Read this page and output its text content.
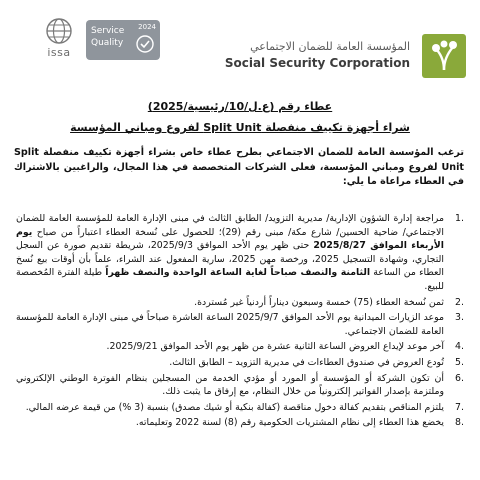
issa
Service
Quality
2024
المؤسسة العامة للضمان الاجتماعي
Social Security Corporation
عطاء رقم (ع.ل/10/رئيسية/2025)
شراء أجهزة تكييف منفصلة Split Unit لفروع ومباني المؤسسة
ترغب المؤسسة العامة للضمان الاجتماعي بطرح عطاء خاص بشراء أجهزة تكييف منفصلة Split Unit لفروع ومباني المؤسسة، فعلى الشركات المتخصصة في هذا المجال، والراغبين بالاشتراك في العطاء مراعاة ما يلي:
.1
مراجعة إدارة الشؤون الإدارية/ مديرية التزويد/ الطابق الثالث في مبنى الإدارة العامة للمؤسسة العامة للضمان الاجتماعي/ ضاحية الحسين/ شارع مكة/ مبنى رقم (29)؛ للحصول على نُسخة العطاء اعتباراً من صباح يوم الأربعاء الموافق 2025/8/27 حتى ظهر يوم الأحد الموافق 2025/9/3، شريطة تقديم صورة عن السجل التجاري، وشهادة التسجيل 2025، ورخصة مهن 2025، سارية المفعول عند الشراء، علماً بأن أوقات بيع نُسخ العطاء من الساعة الثامنة والنصف صباحاً لغاية الساعة الواحدة والنصف ظهراً طيلة الفترة المُخصصة للبيع.
.2
ثمن نُسخة العطاء (75) خمسة وسبعون ديناراً أردنياً غير مُستردة.
.3
موعد الزيارات الميدانية يوم الأحد الموافق 2025/9/7 الساعة العاشرة صباحاً في مبنى الإدارة العامة للمؤسسة العامة للضمان الاجتماعي.
.4
آخر موعد لإيداع العروض الساعة الثانية عشرة من ظهر يوم الأحد الموافق 2025/9/21.
.5
تُودع العروض في صندوق العطاءات في مديرية التزويد – الطابق الثالث.
.6
أن تكون الشركة أو المؤسسة أو المورد أو مؤدي الخدمة من المسجلين بنظام الفوترة الوطني الإلكتروني وملتزمة بإصدار الفواتير إلكترونياً من خلال النظام، مع إرفاق ما يثبت ذلك.
.7
يلتزم المناقص بتقديم كفالة دخول مناقصة (كفالة بنكية أو شيك مصدق) بنسبة (3 %) من قيمة عرضه المالي.
.8
يخضع هذا العطاء إلى نظام المشتريات الحكومية رقم (8) لسنة 2022 وتعليماته.
